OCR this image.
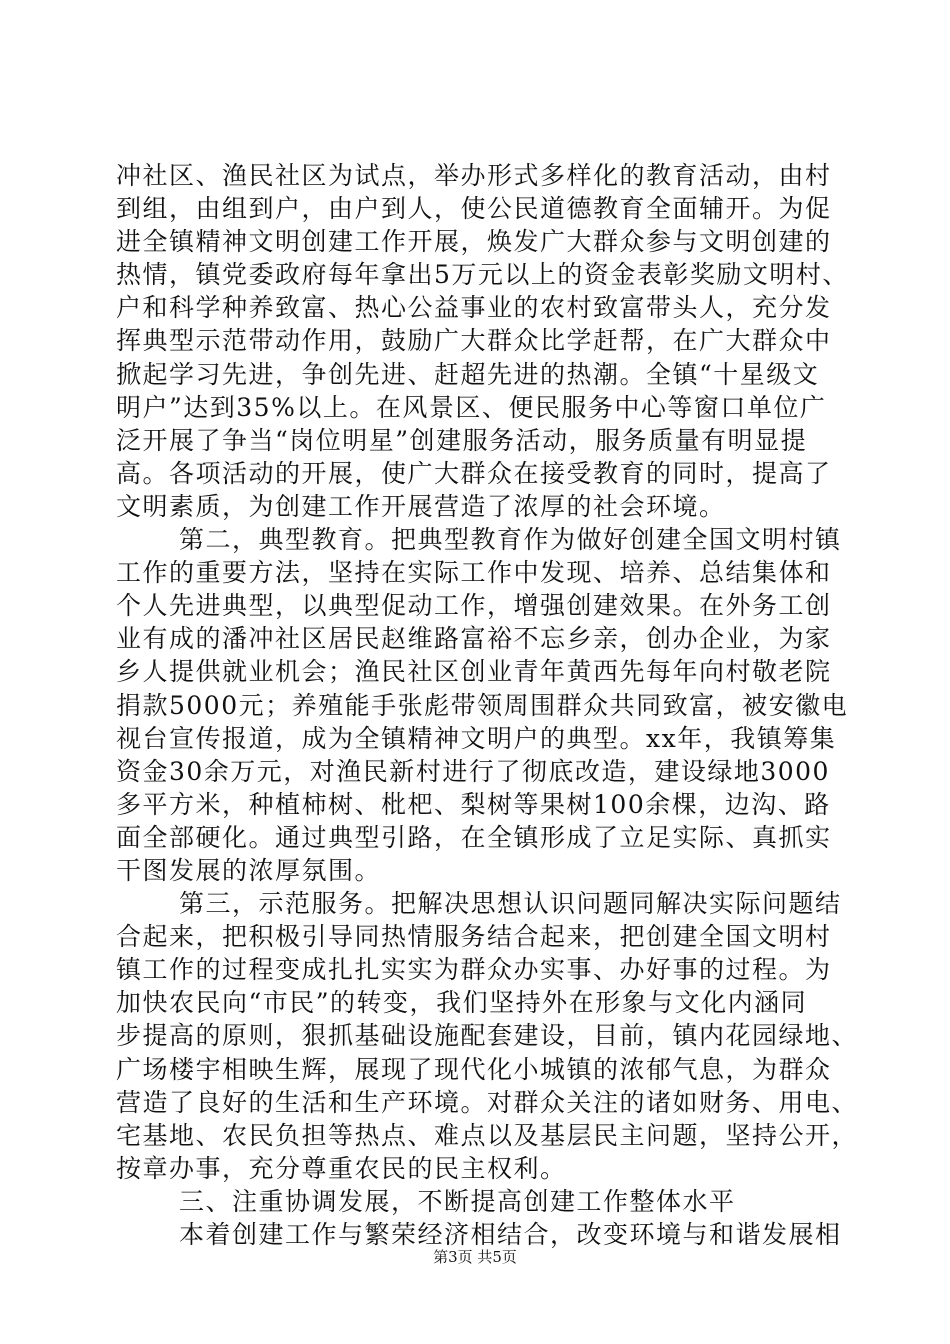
冲社区、渔民社区为试点，举办形式多样化的教育活动，由村
到组，由组到户，由户到人，使公民道德教育全面辅开。为促
进全镇精神文明创建工作开展，焕发广大群众参与文明创建的
热情，镇党委政府每年拿出5万元以上的资金表彰奖励文明村、
户和科学种养致富、热心公益事业的农村致富带头人，充分发
挥典型示范带动作用，鼓励广大群众比学赶帮，在广大群众中
掀起学习先进，争创先进、赶超先进的热潮。全镇“十星级文
明户”达到35%以上。在风景区、便民服务中心等窗口单位广
泛开展了争当“岗位明星”创建服务活动，服务质量有明显提
高。各项活动的开展，使广大群众在接受教育的同时，提高了
文明素质，为创建工作开展营造了浓厚的社会环境。
第二，典型教育。把典型教育作为做好创建全国文明村镇
工作的重要方法，坚持在实际工作中发现、培养、总结集体和
个人先进典型，以典型促动工作，增强创建效果。在外务工创
业有成的潘冲社区居民赵维路富裕不忘乡亲，创办企业，为家
乡人提供就业机会；渔民社区创业青年黄西先每年向村敬老院
捐款5000元；养殖能手张彪带领周围群众共同致富，被安徽电
视台宣传报道，成为全镇精神文明户的典型。xx年，我镇筹集
资金30余万元，对渔民新村进行了彻底改造，建设绿地3000
多平方米，种植柿树、枇杷、梨树等果树100余棵，边沟、路
面全部硬化。通过典型引路，在全镇形成了立足实际、真抓实
干图发展的浓厚氛围。
第三，示范服务。把解决思想认识问题同解决实际问题结
合起来，把积极引导同热情服务结合起来，把创建全国文明村
镇工作的过程变成扎扎实实为群众办实事、办好事的过程。为
加快农民向“市民”的转变，我们坚持外在形象与文化内涵同
步提高的原则，狠抓基础设施配套建设，目前，镇内花园绿地、
广场楼宇相映生辉，展现了现代化小城镇的浓郁气息，为群众
营造了良好的生活和生产环境。对群众关注的诸如财务、用电、
宅基地、农民负担等热点、难点以及基层民主问题，坚持公开，
按章办事，充分尊重农民的民主权利。
三、注重协调发展，不断提高创建工作整体水平
本着创建工作与繁荣经济相结合，改变环境与和谐发展相
第3页 共5页
